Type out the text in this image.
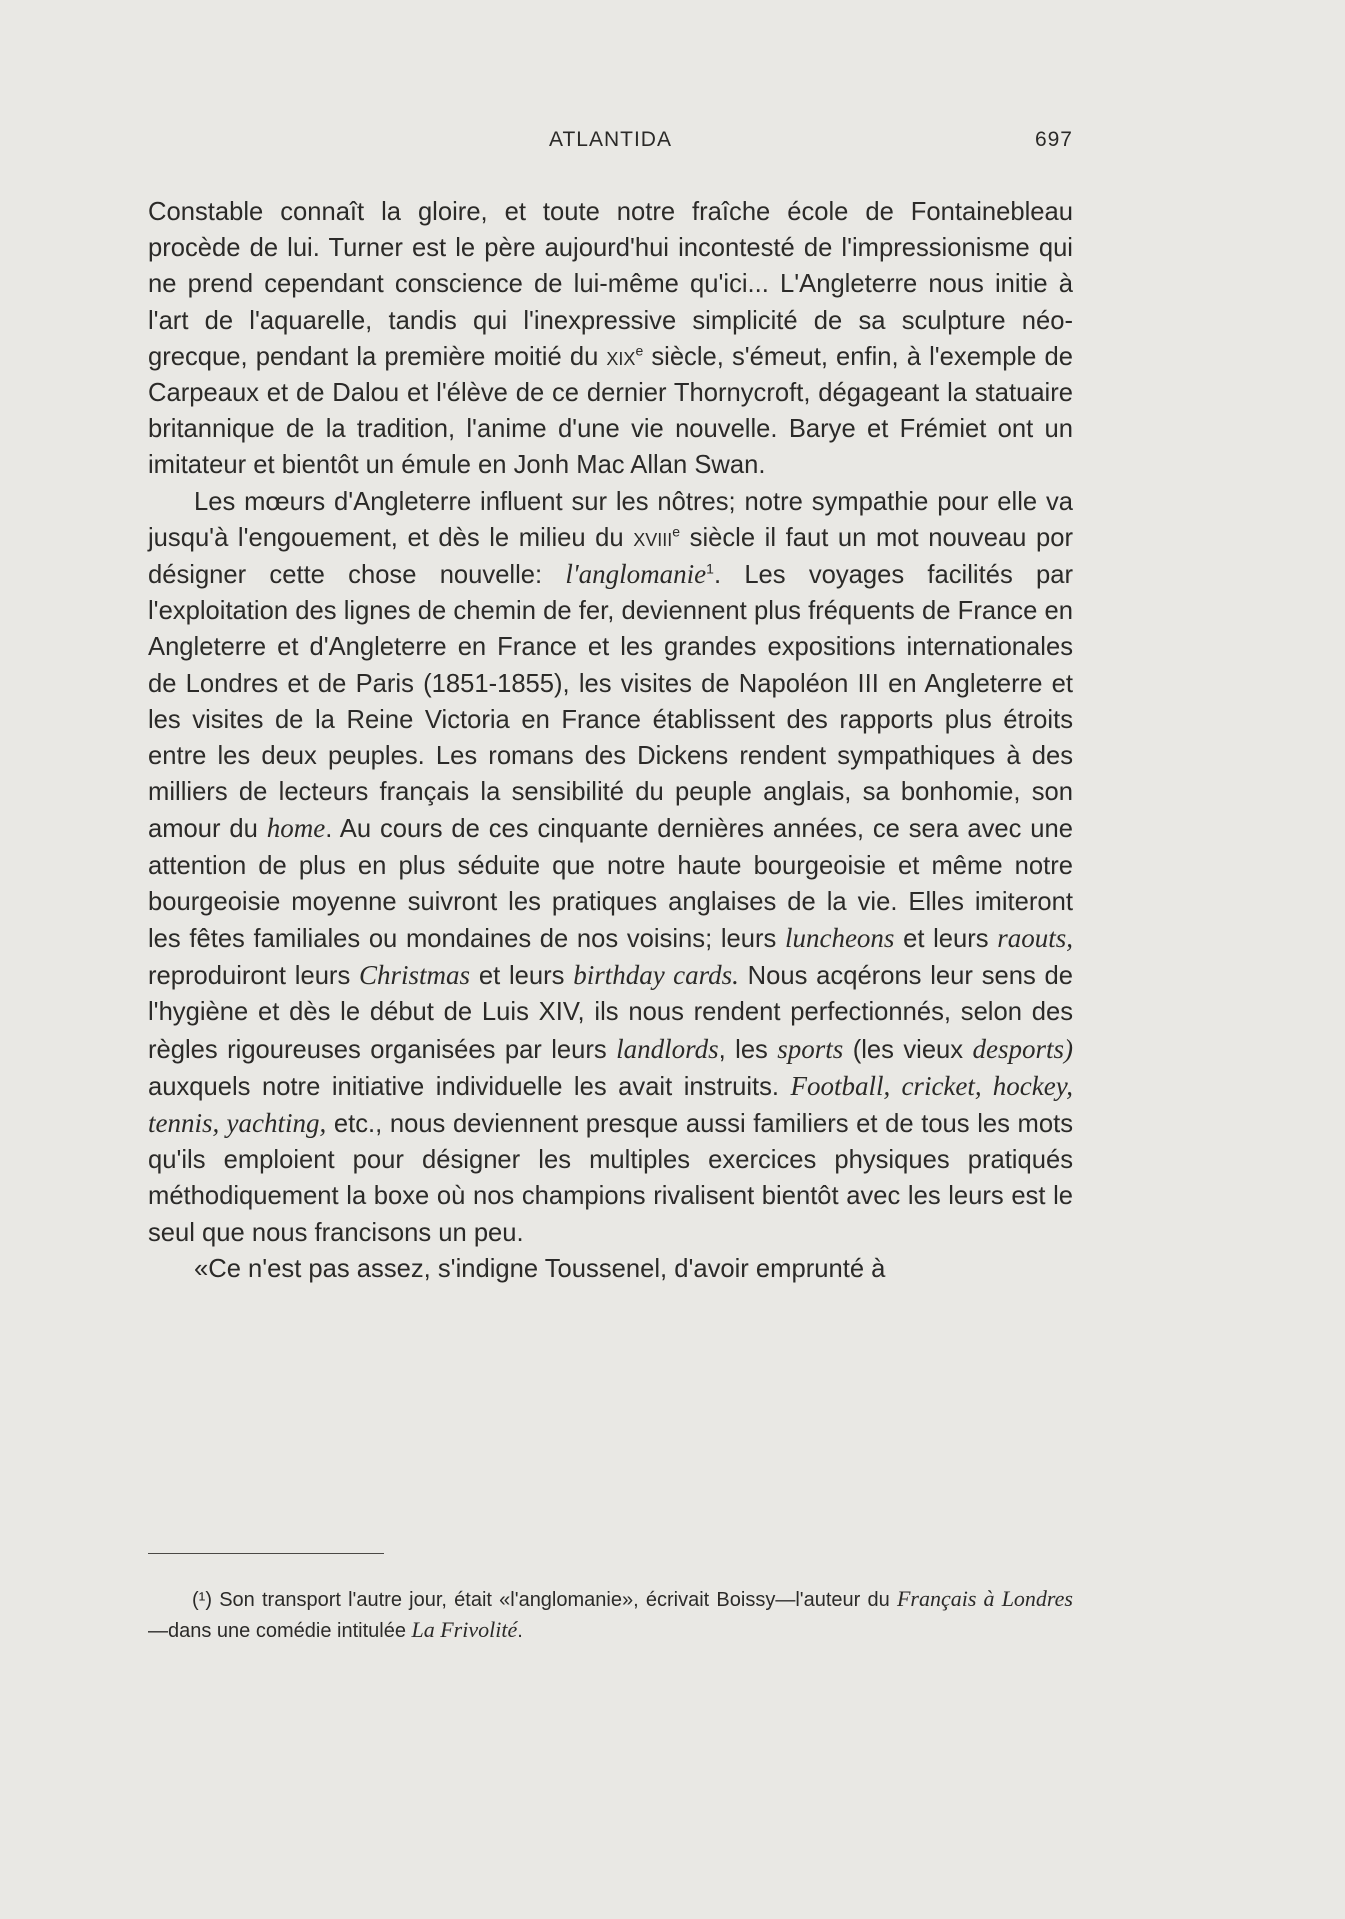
ATLANTIDA	697

Constable connaît la gloire, et toute notre fraîche école de Fontainebleau procède de lui. Turner est le père aujourd'hui incontesté de l'impressionisme qui ne prend cependant conscience de lui-même qu'ici... L'Angleterre nous initie à l'art de l'aquarelle, tandis qui l'inexpressive simplicité de sa sculpture néo-grecque, pendant la première moitié du xix$^e$ siècle, s'émeut, enfin, à l'exemple de Carpeaux et de Dalou et l'élève de ce dernier Thornycroft, dégageant la statuaire britannique de la tradition, l'anime d'une vie nouvelle. Barye et Frémiet ont un imitateur et bientôt un émule en Jonh Mac Allan Swan.

Les mœurs d'Angleterre influent sur les nôtres; notre sympathie pour elle va jusqu'à l'engouement, et dès le milieu du xviii$^e$ siècle il faut un mot nouveau por désigner cette chose nouvelle: l'anglomanie$^1$. Les voyages facilités par l'exploitation des lignes de chemin de fer, deviennent plus fréquents de France en Angleterre et d'Angleterre en France et les grandes expositions internationales de Londres et de Paris (1851-1855), les visites de Napoléon III en Angleterre et les visites de la Reine Victoria en France établissent des rapports plus étroits entre les deux peuples. Les romans des Dickens rendent sympathiques à des milliers de lecteurs français la sensibilité du peuple anglais, sa bonhomie, son amour du home. Au cours de ces cinquante dernières années, ce sera avec une attention de plus en plus séduite que notre haute bourgeoisie et même notre bourgeoisie moyenne suivront les pratiques anglaises de la vie. Elles imiteront les fêtes familiales ou mondaines de nos voisins; leurs luncheons et leurs raouts, reproduiront leurs Christmas et leurs birthday cards. Nous acqérons leur sens de l'hygiène et dès le début de Luis XIV, ils nous rendent perfectionnés, selon des règles rigoureuses organisées par leurs landlords, les sports (les vieux desports) auxquels notre initiative individuelle les avait instruits. Football, cricket, hockey, tennis, yachting, etc., nous deviennent presque aussi familiers et de tous les mots qu'ils emploient pour désigner les multiples exercices physiques pratiqués méthodiquement la boxe où nos champions rivalisent bientôt avec les leurs est le seul que nous francisons un peu.

«Ce n'est pas assez, s'indigne Toussenel, d'avoir emprunté à

(¹) Son transport l'autre jour, était «l'anglomanie», écrivait Boissy—l'auteur du Français à Londres—dans une comédie intitulée La Frivolité.
